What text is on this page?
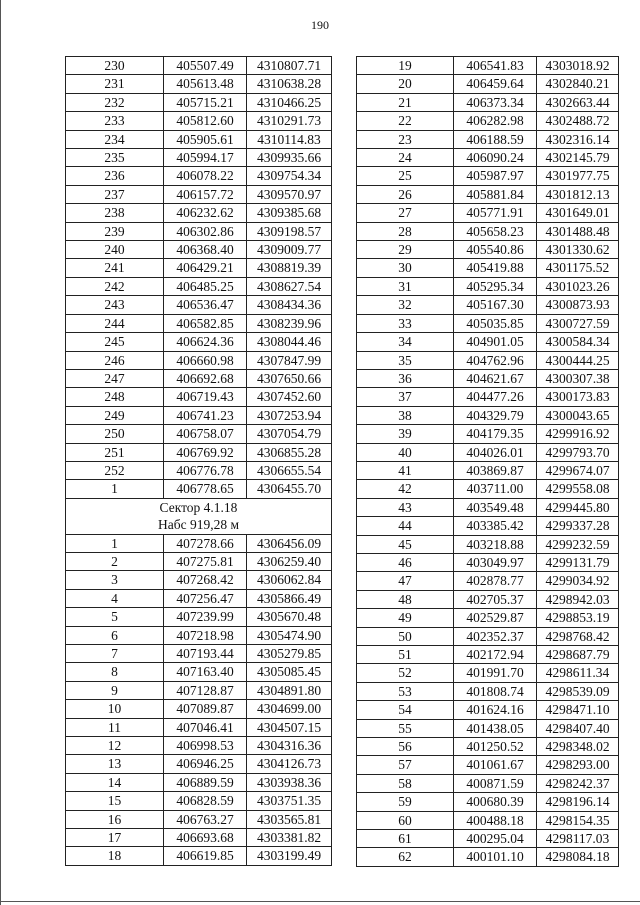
190
230	405507.49	4310807.71
231	405613.48	4310638.28
232	405715.21	4310466.25
233	405812.60	4310291.73
234	405905.61	4310114.83
235	405994.17	4309935.66
236	406078.22	4309754.34
237	406157.72	4309570.97
238	406232.62	4309385.68
239	406302.86	4309198.57
240	406368.40	4309009.77
241	406429.21	4308819.39
242	406485.25	4308627.54
243	406536.47	4308434.36
244	406582.85	4308239.96
245	406624.36	4308044.46
246	406660.98	4307847.99
247	406692.68	4307650.66
248	406719.43	4307452.60
249	406741.23	4307253.94
250	406758.07	4307054.79
251	406769.92	4306855.28
252	406776.78	4306655.54
1	406778.65	4306455.70
Сектор 4.1.18
Набс 919,28 м		
1	407278.66	4306456.09
2	407275.81	4306259.40
3	407268.42	4306062.84
4	407256.47	4305866.49
5	407239.99	4305670.48
6	407218.98	4305474.90
7	407193.44	4305279.85
8	407163.40	4305085.45
9	407128.87	4304891.80
10	407089.87	4304699.00
11	407046.41	4304507.15
12	406998.53	4304316.36
13	406946.25	4304126.73
14	406889.59	4303938.36
15	406828.59	4303751.35
16	406763.27	4303565.81
17	406693.68	4303381.82
18	406619.85	4303199.49
19	406541.83	4303018.92
20	406459.64	4302840.21
21	406373.34	4302663.44
22	406282.98	4302488.72
23	406188.59	4302316.14
24	406090.24	4302145.79
25	405987.97	4301977.75
26	405881.84	4301812.13
27	405771.91	4301649.01
28	405658.23	4301488.48
29	405540.86	4301330.62
30	405419.88	4301175.52
31	405295.34	4301023.26
32	405167.30	4300873.93
33	405035.85	4300727.59
34	404901.05	4300584.34
35	404762.96	4300444.25
36	404621.67	4300307.38
37	404477.26	4300173.83
38	404329.79	4300043.65
39	404179.35	4299916.92
40	404026.01	4299793.70
41	403869.87	4299674.07
42	403711.00	4299558.08
43	403549.48	4299445.80
44	403385.42	4299337.28
45	403218.88	4299232.59
46	403049.97	4299131.79
47	402878.77	4299034.92
48	402705.37	4298942.03
49	402529.87	4298853.19
50	402352.37	4298768.42
51	402172.94	4298687.79
52	401991.70	4298611.34
53	401808.74	4298539.09
54	401624.16	4298471.10
55	401438.05	4298407.40
56	401250.52	4298348.02
57	401061.67	4298293.00
58	400871.59	4298242.37
59	400680.39	4298196.14
60	400488.18	4298154.35
61	400295.04	4298117.03
62	400101.10	4298084.18
